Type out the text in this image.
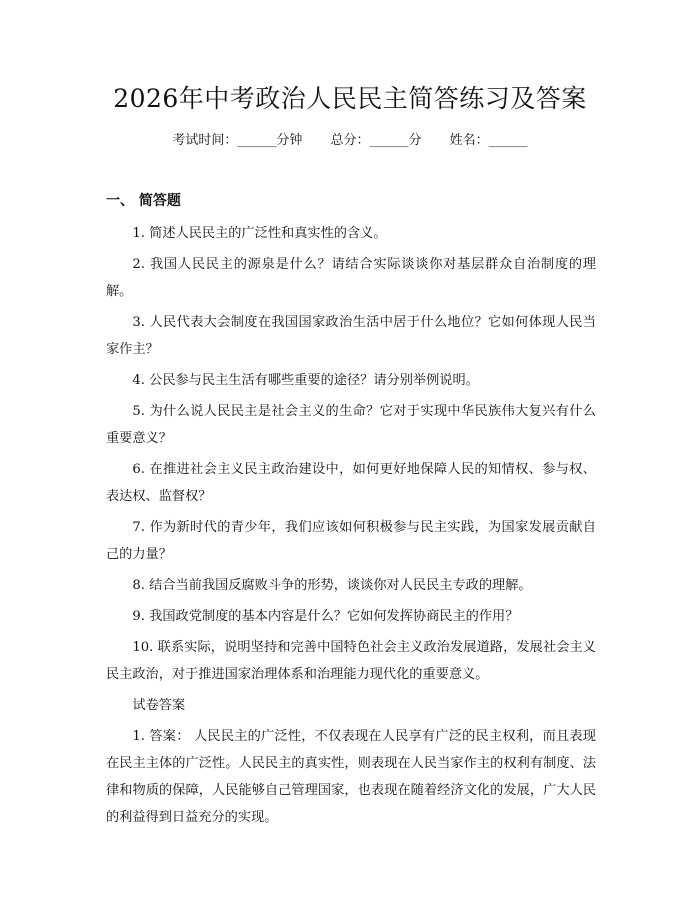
2026年中考政治人民民主简答练习及答案
考试时间：______分钟 总分：______分 姓名：______
一、 简答题

1. 简述人民民主的广泛性和真实性的含义。

2. 我国人民民主的源泉是什么？请结合实际谈谈你对基层群众自治制度的理解。

3. 人民代表大会制度在我国国家政治生活中居于什么地位？它如何体现人民当家作主？

4. 公民参与民主生活有哪些重要的途径？请分别举例说明。

5. 为什么说人民民主是社会主义的生命？它对于实现中华民族伟大复兴有什么重要意义？

6. 在推进社会主义民主政治建设中，如何更好地保障人民的知情权、参与权、表达权、监督权？

7. 作为新时代的青少年，我们应该如何积极参与民主实践，为国家发展贡献自己的力量？

8. 结合当前我国反腐败斗争的形势，谈谈你对人民民主专政的理解。

9. 我国政党制度的基本内容是什么？它如何发挥协商民主的作用？

10. 联系实际，说明坚持和完善中国特色社会主义政治发展道路，发展社会主义民主政治，对于推进国家治理体系和治理能力现代化的重要意义。

试卷答案

1. 答案： 人民民主的广泛性，不仅表现在人民享有广泛的民主权利，而且表现在民主主体的广泛性。人民民主的真实性，则表现在人民当家作主的权利有制度、法律和物质的保障，人民能够自己管理国家，也表现在随着经济文化的发展，广大人民的利益得到日益充分的实现。
